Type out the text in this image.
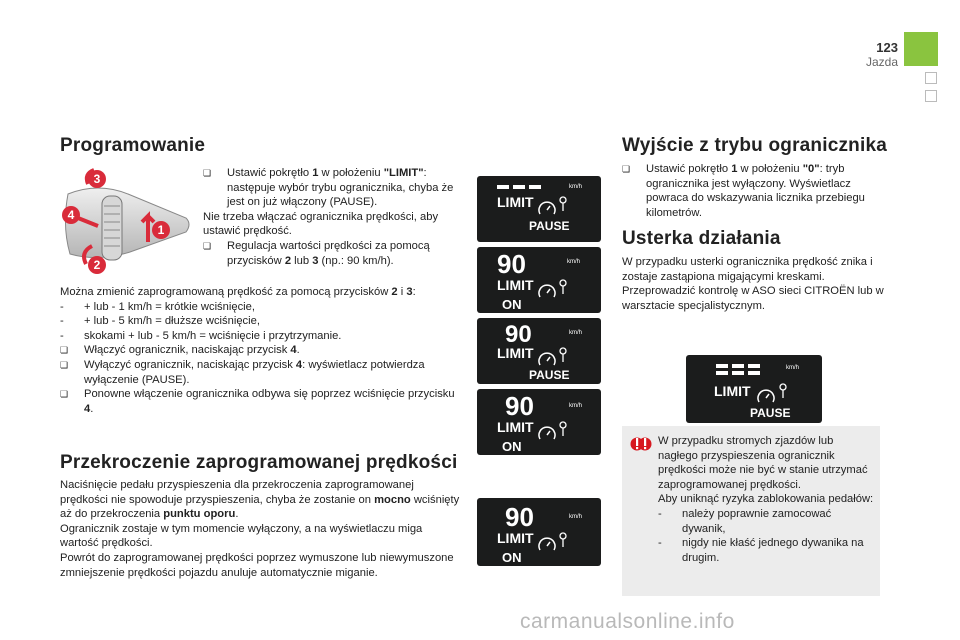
123
Jazda
Programowanie
1
2
3
4
❏ Ustawić pokrętło 1 w położeniu "LIMIT": następuje wybór trybu ogranicznika, chyba że jest on już włączony (PAUSE).

Nie trzeba włączać ogranicznika prędkości, aby ustawić prędkość.

❏ Regulacja wartości prędkości za pomocą przycisków 2 lub 3 (np.: 90 km/h).

Można zmienić zaprogramowaną prędkość za pomocą przycisków 2 i 3:

- + lub - 1 km/h = krótkie wciśnięcie,
- + lub - 5 km/h = dłuższe wciśnięcie,
- skokami + lub - 5 km/h = wciśnięcie i przytrzymanie.
❏ Włączyć ogranicznik, naciskając przycisk 4.
❏ Wyłączyć ogranicznik, naciskając przycisk 4: wyświetlacz potwierdza wyłączenie (PAUSE).
❏ Ponowne włączenie ogranicznika odbywa się poprzez wciśnięcie przycisku 4.
Przekroczenie zaprogramowanej prędkości

Naciśnięcie pedału przyspieszenia dla przekroczenia zaprogramowanej prędkości nie spowoduje przyspieszenia, chyba że zostanie on mocno wciśnięty aż do przekroczenia punktu oporu.

Ogranicznik zostaje w tym momencie wyłączony, a na wyświetlaczu miga wartość prędkości.

Powrót do zaprogramowanej prędkości poprzez wymuszone lub niewymuszone zmniejszenie prędkości pojazdu anuluje automatycznie miganie.

km/h
LIMIT
PAUSE
90	km/h
LIMIT
ON
90	km/h
LIMIT
PAUSE
90	km/h
LIMIT
ON
90	km/h
LIMIT
ON
Wyjście z trybu ogranicznika
❏ Ustawić pokrętło 1 w położeniu "0": tryb ogranicznika jest wyłączony. Wyświetlacz powraca do wskazywania licznika przebiegu kilometrów.
Usterka działania

W przypadku usterki ogranicznika prędkość znika i zostaje zastąpiona migającymi kreskami.

Przeprowadzić kontrolę w ASO sieci CITROËN lub w warsztacie specjalistycznym.

km/h
LIMIT
PAUSE

W przypadku stromych zjazdów lub nagłego przyspieszenia ogranicznik prędkości może nie być w stanie utrzymać zaprogramowanej prędkości.

Aby uniknąć ryzyka zablokowania pedałów:

- należy poprawnie zamocować dywanik,
- nigdy nie kłaść jednego dywanika na drugim.
carmanualsonline.info
